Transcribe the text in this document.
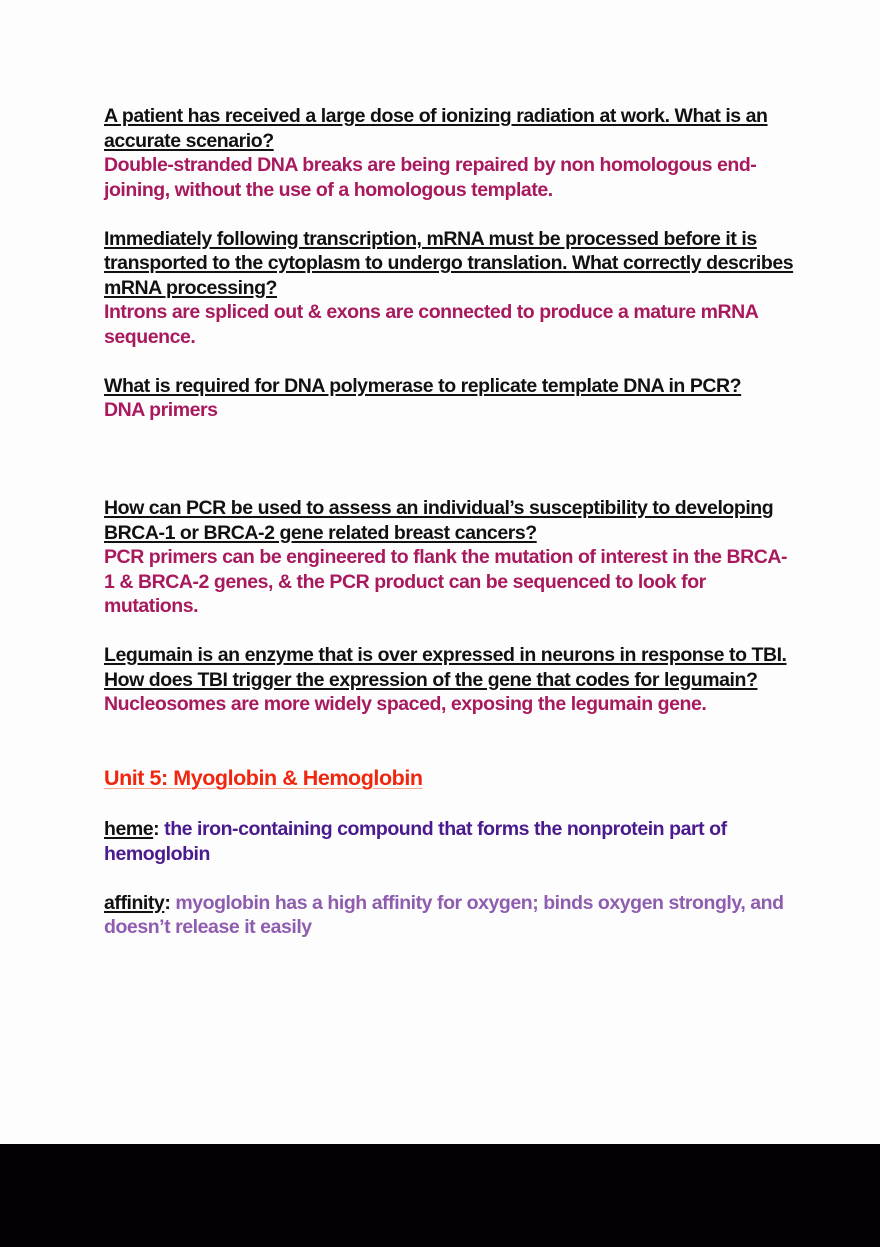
A patient has received a large dose of ionizing radiation at work. What is an accurate scenario?
Double-stranded DNA breaks are being repaired by non homologous end-joining, without the use of a homologous template.
Immediately following transcription, mRNA must be processed before it is transported to the cytoplasm to undergo translation. What correctly describes mRNA processing?
Introns are spliced out & exons are connected to produce a mature mRNA sequence.
What is required for DNA polymerase to replicate template DNA in PCR?
DNA primers
How can PCR be used to assess an individual’s susceptibility to developing BRCA-1 or BRCA-2 gene related breast cancers?
PCR primers can be engineered to flank the mutation of interest in the BRCA-1 & BRCA-2 genes, & the PCR product can be sequenced to look for mutations.
Legumain is an enzyme that is over expressed in neurons in response to TBI. How does TBI trigger the expression of the gene that codes for legumain?
Nucleosomes are more widely spaced, exposing the legumain gene.
Unit 5: Myoglobin & Hemoglobin
heme: the iron-containing compound that forms the nonprotein part of hemoglobin
affinity: myoglobin has a high affinity for oxygen; binds oxygen strongly, and doesn’t release it easily
